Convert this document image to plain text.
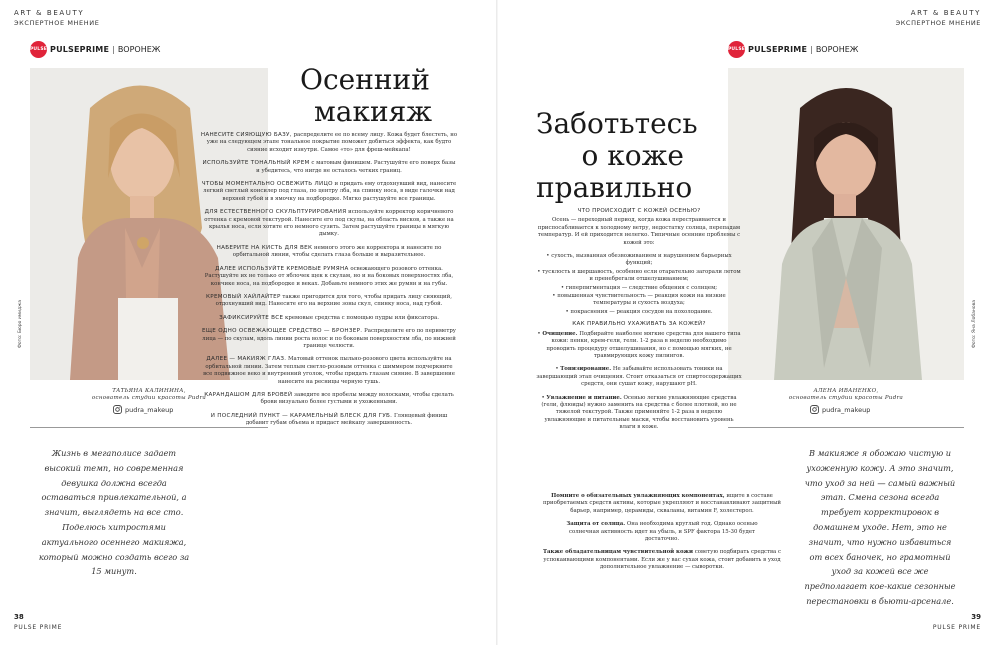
ART & BEAUTY
ЭКСПЕРТНОЕ МНЕНИЕ
PULSE PULSEPRIME | ВОРОНЕЖ
Фото: Бюро имиджа
ТАТЬЯНА КАЛИНИНА,
основатель студии красоты Pudra
pudra_makeup
Жизнь в мегаполисе задает высокий темп, но современная девушка должна всегда оставаться привлекательной, а значит, выглядеть на все сто. Поделюсь хитростями актуального осеннего макияжа, который можно создать всего за 15 минут.
Осенний
макияж

НАНЕСИТЕ СИЯЮЩУЮ БАЗУ, распределите ее по всему лицу. Кожа будет блестеть, но уже на следующем этапе тональное покрытие поможет добиться эффекта, как будто сияние исходит изнутри. Самое «то» для фреш-мейкапа!

ИСПОЛЬЗУЙТЕ ТОНАЛЬНЫЙ КРЕМ с матовым финишем. Растушуйте его поверх базы и убедитесь, что нигде не осталось четких границ.

ЧТОБЫ МОМЕНТАЛЬНО ОСВЕЖИТЬ ЛИЦО и придать ему отдохнувший вид, нанесите легкий светлый консилер под глаза, по центру лба, на спинку носа, в виде галочки над верхней губой и в ямочку на подбородке. Мягко растушуйте все границы.

ДЛЯ ЕСТЕСТВЕННОГО СКУЛЬПТУРИРОВАНИЯ используйте корректор коричневого оттенка с кремовой текстурой. Нанесите его под скулы, на область висков, а также на крылья носа, если хотите его немного сузить. Затем растушуйте границы в мягкую дымку.

НАБЕРИТЕ НА КИСТЬ ДЛЯ ВЕК немного этого же корректора и нанесите по орбитальной линии, чтобы сделать глаза больше и выразительнее.

ДАЛЕЕ ИСПОЛЬЗУЙТЕ КРЕМОВЫЕ РУМЯНА освежающего розового оттенка. Растушуйте их не только от яблочек щек к скулам, но и на боковых поверхностях лба, кончике носа, на подбородке и веках. Добавьте немного этих же румян и на губы.

КРЕМОВЫЙ ХАЙЛАЙТЕР также пригодится для того, чтобы придать лицу сияющий, отдохнувший вид. Нанесите его на верхние зоны скул, спинку носа, над губой.

ЗАФИКСИРУЙТЕ ВСЕ кремовые средства с помощью пудры или фиксатора.

ЕЩЕ ОДНО ОСВЕЖАЮЩЕЕ СРЕДСТВО — БРОНЗЕР. Распределите его по периметру лица — по скулам, вдоль линии роста волос и по боковым поверхностям лба, по нижней границе челюсти.

ДАЛЕЕ — МАКИЯЖ ГЛАЗ. Матовый оттенок пыльно-розового цвета используйте на орбитальной линии. Затем теплым светло-розовым оттенка с шиммером подчеркните все подвижное веко и внутренний уголок, чтобы придать глазам сияние. В завершение нанесите на ресницы черную тушь.

КАРАНДАШОМ ДЛЯ БРОВЕЙ заведите все пробелы между волосками, чтобы сделать брови визуально более густыми и ухоженными.

И ПОСЛЕДНИЙ ПУНКТ — КАРАМЕЛЬНЫЙ БЛЕСК ДЛЯ ГУБ. Глянцевый финиш добавит губам объема и придаст мейкапу завершенность.

38
PULSE PRIME
ART & BEAUTY
ЭКСПЕРТНОЕ МНЕНИЕ
PULSE PULSEPRIME | ВОРОНЕЖ
Заботьтесь
о коже
правильно
Фото: Яна Лобанова
АЛЕНА ИВАНЕНКО,
основатель студии красоты Pudra
pudra_makeup
В макияже я обожаю чистую и ухоженную кожу. А это значит, что уход за ней — самый важный этап. Смена сезона всегда требует корректировок в домашнем уходе. Нет, это не значит, что нужно избавиться от всех баночек, но грамотный уход за кожей все же предполагает кое-какие сезонные перестановки в бьюти-арсенале.

ЧТО ПРОИСХОДИТ С КОЖЕЙ ОСЕНЬЮ?

Осень — переходный период, когда кожа перестраивается и приспосабливается к холодному ветру, недостатку солнца, перепадам температур. И ей приходится нелегко. Типичные осенние проблемы с кожей это:

• сухость, вызванная обезвоживанием и нарушением барьерных функций;
• тусклость и шершавость, особенно если отарательно загорали летом и пренебрегали отшелушиванием;
• гиперпигментация — следствие общения с солнцем;
• повышенная чувствительность — реакция кожи на низкие температуры и сухость воздуха;
• покраснения — реакция сосудов на похолодание.

КАК ПРАВИЛЬНО УХАЖИВАТЬ ЗА КОЖЕЙ?

• Очищение. Подбирайте наиболее мягкие средства для вашего типа кожи: пенки, крем-гели, гели. 1-2 раза в неделю необходимо проводить процедуру отшелушивания, но с помощью мягких, не травмирующих кожу пилингов.

• Тонизирование. Не забывайте использовать тоники на завершающий этап очищения. Стоит отказаться от спиртосодержащих средств, они сушат кожу, нарушают pH.

• Увлажнение и питание. Осенью легкие увлажняющие средства (гели, флюиды) нужно заменить на средства с более плотной, но не тяжелой текстурой. Также применяйте 1-2 раза в неделю увлажняющие и питательные маски, чтобы восстановить уровень влаги в коже.

Помните о обязательных увлажняющих компонентах, ищите в составе приобретаемых средств активы, которые укрепляют и восстанавливают защитный барьер, например, церамиды, скваланы, витамин F, холестерол.

Защита от солнца. Она необходима круглый год. Однако осенью солнечная активность идет на убыль, и SPF фактора 15-30 будет достаточно.

Также обладательницам чувствительной кожи советую подбирать средства с успокаивающими компонентами. Если же у вас сухая кожа, стоит добавить в уход дополнительное увлажнение — сыворотки.

39
PULSE PRIME
